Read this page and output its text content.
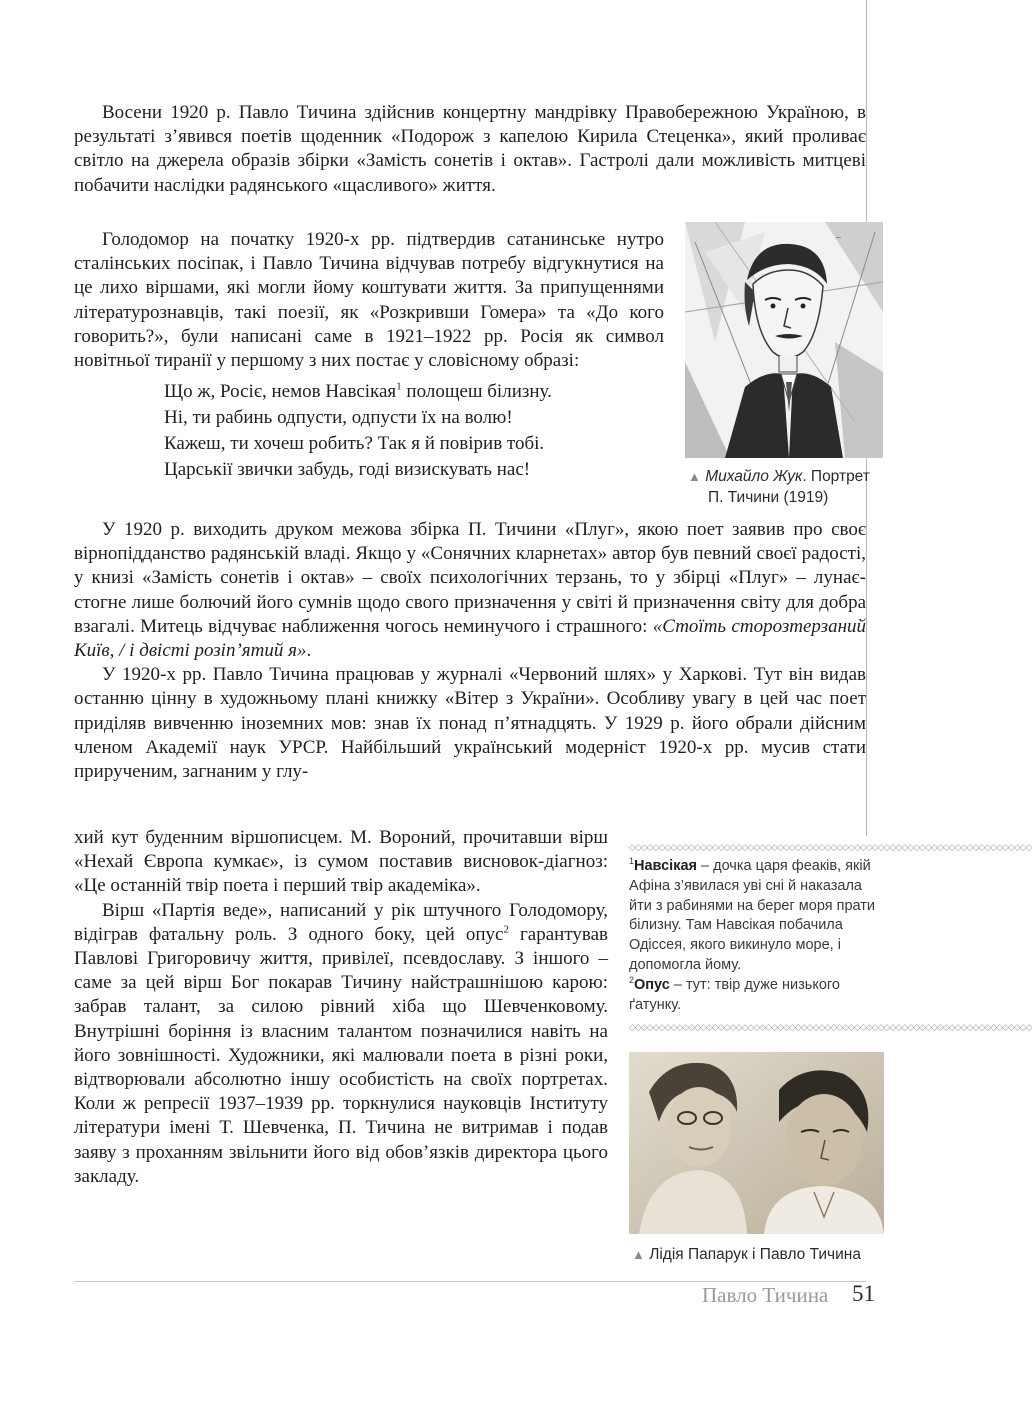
Восени 1920 р. Павло Тичина здійснив концертну мандрівку Правобережною Україною, в результаті з’явився поетів щоденник «Подорож з капелою Кирила Стеценка», який проливає світло на джерела образів збірки «Замість сонетів і октав». Гастролі дали можливість митцеві побачити наслідки радянського «щасливого» життя.

Голодомор на початку 1920-х рр. підтвердив сатанинське нутро сталінських посіпак, і Павло Тичина відчував потребу відгукнутися на це лихо віршами, які могли йому коштувати життя. За припущеннями літературознавців, такі поезії, як «Розкривши Гомера» та «До кого говорить?», були написані саме в 1921–1922 рр. Росія як символ новітньої тиранії у першому з них постає у словісному образі:

Що ж, Росіє, немов Навсікая$^1$ полощеш білизну.
Ні, ти рабинь одпусти, одпусти їх на волю!
Кажеш, ти хочеш робить? Так я й повірив тобі.
Царськії звички забудь, годі визискувать нас!
~
▲ Михайло Жук. Портрет
П. Тичини (1919)

У 1920 р. виходить друком межова збірка П. Тичини «Плуг», якою поет заявив про своє вірнопідданство радянській владі. Якщо у «Сонячних кларнетах» автор був певний своєї радості, у книзі «Замість сонетів і октав» – своїх психологічних терзань, то у збірці «Плуг» – лунає-стогне лише болючий його сумнів щодо свого призначення у світі й призначення світу для добра взагалі. Митець відчуває наближення чогось неминучого і страшного: «Стоїть сторозтерзаний Київ, / і двісті розіп’ятий я».

У 1920-х рр. Павло Тичина працював у журналі «Червоний шлях» у Харкові. Тут він видав останню цінну в художньому плані книжку «Вітер з України». Особливу увагу в цей час поет приділяв вивченню іноземних мов: знав їх понад п’ятнадцять. У 1929 р. його обрали дійсним членом Академії наук УРСР. Найбільший український модерніст 1920-х рр. мусив стати прирученим, загнаним у глу-

хий кут буденним віршописцем. М. Вороний, прочитавши вірш «Нехай Європа кумкає», із сумом поставив висновок-діагноз: «Це останній твір поета і перший твір академіка».

Вірш «Партія веде», написаний у рік штучного Голодомору, відіграв фатальну роль. З одного боку, цей опус$^2$ гарантував Павлові Григоровичу життя, привілеї, псевдославу. З іншого – саме за цей вірш Бог покарав Тичину найстрашнішою карою: забрав талант, за силою рівний хіба що Шевченковому. Внутрішні боріння із власним талантом позначилися навіть на його зовнішності. Художники, які малювали поета в різні роки, відтворювали абсолютно іншу особистість на своїх портретах. Коли ж репресії 1937–1939 рр. торкнулися науковців Інституту літератури імені Т. Шевченка, П. Тичина не витримав і подав заяву з проханням звільнити його від обов’язків директора цього закладу.

◇◇◇◇◇◇◇◇◇◇◇◇◇◇◇◇◇◇◇◇◇◇◇◇◇◇◇◇◇◇◇◇◇◇◇◇◇◇◇◇◇◇◇◇◇◇◇◇◇◇◇◇◇◇◇◇◇◇◇◇◇◇◇◇◇◇◇◇

$^1$Навсікая – дочка царя феаків, якій Афіна з’явилася уві сні й наказала йти з рабинями на берег моря прати білизну. Там Навсікая побачила Одіссея, якого викинуло море, і допомогла йому.

$^2$Опус – тут: твір дуже низького ґатунку.

◇◇◇◇◇◇◇◇◇◇◇◇◇◇◇◇◇◇◇◇◇◇◇◇◇◇◇◇◇◇◇◇◇◇◇◇◇◇◇◇◇◇◇◇◇◇◇◇◇◇◇◇◇◇◇◇◇◇◇◇◇◇◇◇◇◇◇◇
▲ Лідія Папарук і Павло Тичина
Павло Тичина 51
